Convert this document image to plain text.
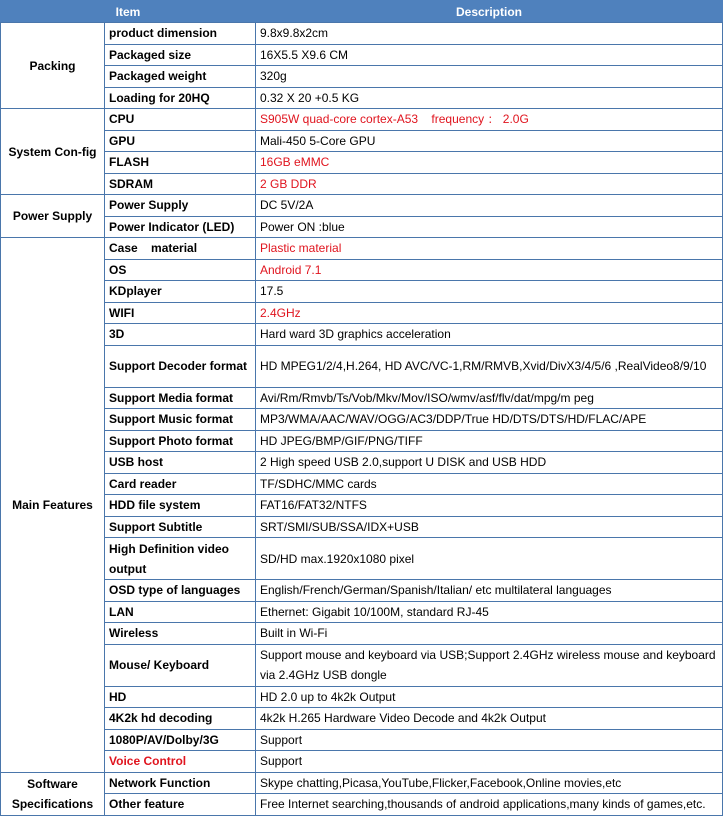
Item		Description
Packing	product dimension	9.8x9.8x2cm
	Packaged size	16X5.5 X9.6 CM
	Packaged weight	320g
	Loading for 20HQ	0.32 X 20 +0.5 KG
System Con-fig	CPU	S905W quad-core cortex-A53    frequency ： 2.0G
	GPU	Mali-450 5-Core GPU
	FLASH	16GB eMMC
	SDRAM	2 GB DDR
Power Supply	Power Supply	DC 5V/2A
	Power Indicator (LED)	Power ON :blue
Main Features	Case    material	Plastic material
	OS	Android 7.1
	KDplayer	17.5
	WIFI	2.4GHz
	3D	Hard ward 3D graphics acceleration
	Support Decoder format	HD MPEG1/2/4,H.264, HD AVC/VC-1,RM/RMVB,Xvid/DivX3/4/5/6 ,RealVideo8/9/10
	Support Media format	Avi/Rm/Rmvb/Ts/Vob/Mkv/Mov/ISO/wmv/asf/flv/dat/mpg/m peg
	Support Music format	MP3/WMA/AAC/WAV/OGG/AC3/DDP/True HD/DTS/DTS/HD/FLAC/APE
	Support Photo format	HD JPEG/BMP/GIF/PNG/TIFF
	USB host	2 High speed USB 2.0,support U DISK and USB HDD
	Card reader	TF/SDHC/MMC cards
	HDD file system	FAT16/FAT32/NTFS
	Support Subtitle	SRT/SMI/SUB/SSA/IDX+USB
	High Definition video output	SD/HD max.1920x1080 pixel
	OSD type of languages	English/French/German/Spanish/Italian/ etc multilateral languages
	LAN	Ethernet: Gigabit 10/100M, standard RJ-45
	Wireless	Built in Wi-Fi
	Mouse/ Keyboard	Support mouse and keyboard via USB;Support 2.4GHz wireless mouse and keyboard via 2.4GHz USB dongle
	HD	HD 2.0 up to 4k2k Output
	4K2k hd decoding	4k2k H.265 Hardware Video Decode and 4k2k Output
	1080P/AV/Dolby/3G	Support
	Voice Control	Support
Software Specifications	Network Function	Skype chatting,Picasa,YouTube,Flicker,Facebook,Online movies,etc
	Other feature	Free Internet searching,thousands of android applications,many kinds of games,etc.
